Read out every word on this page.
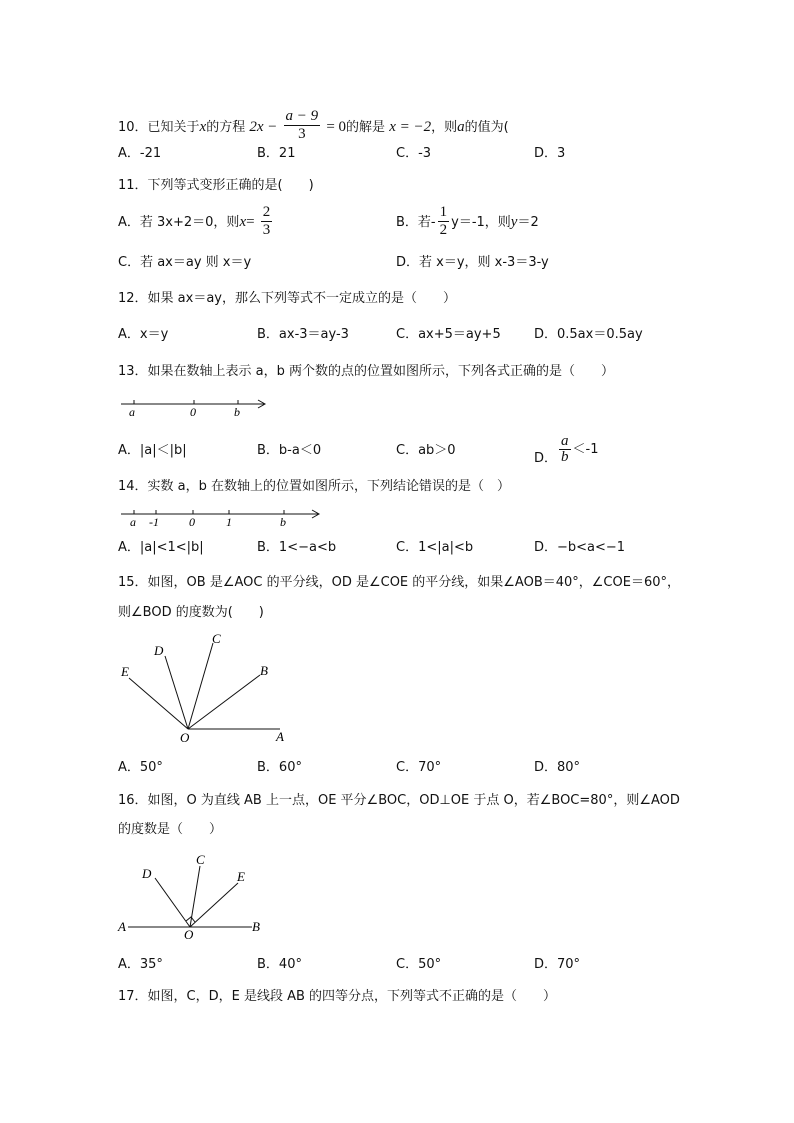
10．已知关于x的方程 $2x - \frac{a - 9}{3} = 0$的解是 x = −2，则a的值为(
A．-21	B．21	C．-3	D．3
11．下列等式变形正确的是(　　)
A．若 3x+2＝0，则$x= \frac{2}{3}$	B．若- $\frac{1}{2} y=-1$，则y＝2
C．若 ax＝ay 则 x＝y	D．若 x＝y，则 x-3＝3-y
12．如果 ax＝ay，那么下列等式不一定成立的是（　　）
A．x＝y	B．ax-3＝ay-3	C．ax+5＝ay+5	D．0.5ax＝0.5ay
13．如果在数轴上表示 a，b 两个数的点的位置如图所示，下列各式正确的是（　　）
a	0	b
A．|a|＜|b|	B．b-a＜0	C．ab＞0
D． $\frac{a}{b} <-1$
14．实数 a，b 在数轴上的位置如图所示，下列结论错误的是（　）
a -1	0	1	b
A．|a|<1<|b|	B．1<−a<b	C．1<|a|<b	D．−b<a<−1
15．如图，OB 是∠AOC 的平分线，OD 是∠COE 的平分线，如果∠AOB＝40°，∠COE＝60°，
则∠BOD 的度数为(　　)
E
D
C
B
O	A
A．50°	B．60°	C．70°	D．80°
16．如图，O 为直线 AB 上一点，OE 平分∠BOC，OD⊥OE 于点 O，若∠BOC=80°，则∠AOD
的度数是（　　）
D
C
E
A
O
B
A．35°	B．40°	C．50°	D．70°
17．如图，C，D，E 是线段 AB 的四等分点，下列等式不正确的是（　　）
